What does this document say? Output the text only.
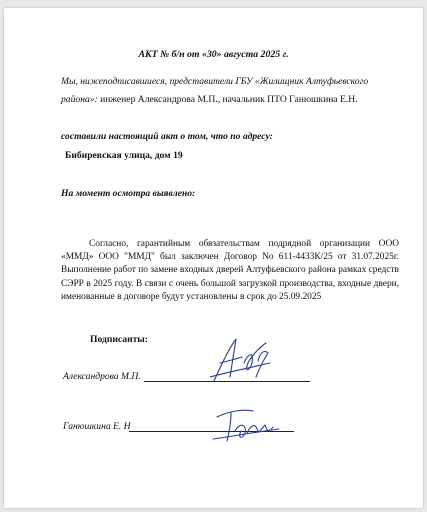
АКТ № б/н от «30» августа 2025 г.
Мы, нижеподписавшиеся, представители ГБУ «Жилищник Алтуфьевского
района»: инженер Александрова М.П., начальник ПТО Ганюшкина Е.Н.
составили настоящий акт о том, что по адресу:
Бибиревская улица, дом 19
На момент осмотра выявлено:
Согласно, гарантийным обязательствам подрядной организации ООО «ММД» ООО "ММД" был заключен Договор No 611-4433К/25 от 31.07.2025г. Выполнение работ по замене входных дверей Алтуфьевского района рамках средств СЭРР в 2025 году. В связи с очень большой загрузкой производства, входные двери, именованные в договоре будут установлены в срок до 25.09.2025
Подписанты:
Александрова М.П.
Ганюшкина Е. Н
